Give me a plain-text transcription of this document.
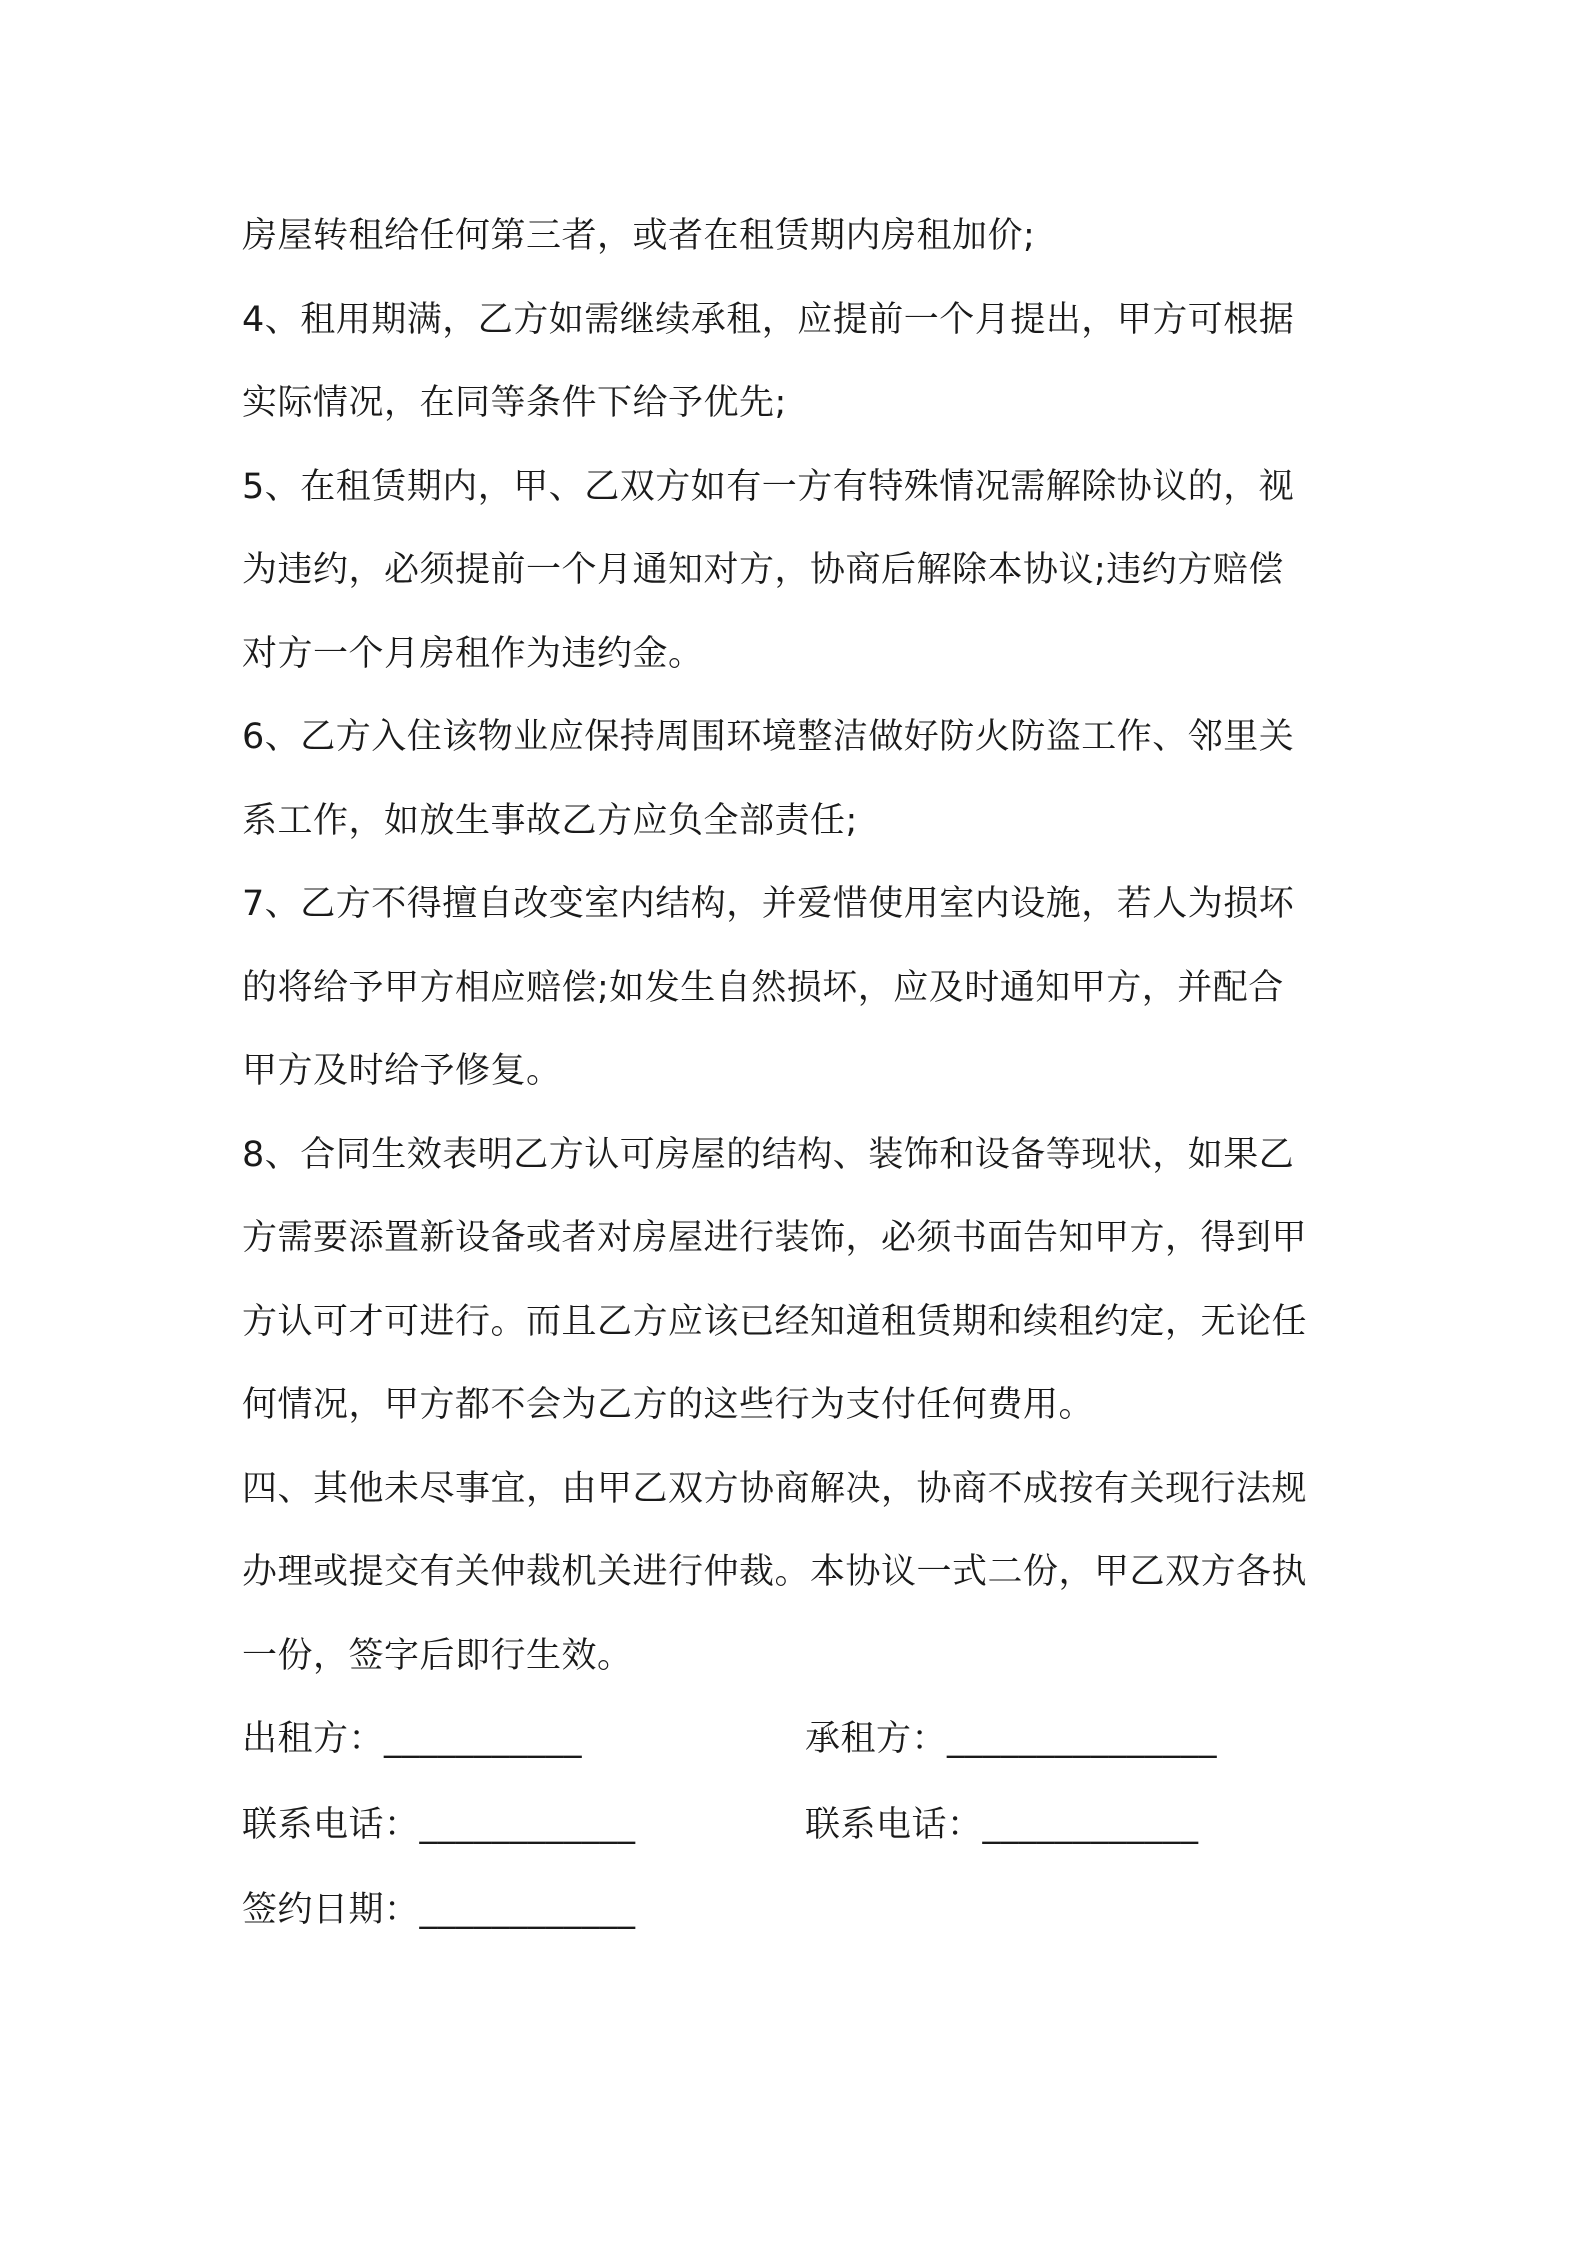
房屋转租给任何第三者，或者在租赁期内房租加价;

4、租用期满，乙方如需继续承租，应提前一个月提出，甲方可根据
实际情况，在同等条件下给予优先;

5、在租赁期内，甲、乙双方如有一方有特殊情况需解除协议的，视
为违约，必须提前一个月通知对方，协商后解除本协议;违约方赔偿
对方一个月房租作为违约金。

6、乙方入住该物业应保持周围环境整洁做好防火防盗工作、邻里关
系工作，如放生事故乙方应负全部责任;

7、乙方不得擅自改变室内结构，并爱惜使用室内设施，若人为损坏
的将给予甲方相应赔偿;如发生自然损坏，应及时通知甲方，并配合
甲方及时给予修复。

8、合同生效表明乙方认可房屋的结构、装饰和设备等现状，如果乙
方需要添置新设备或者对房屋进行装饰，必须书面告知甲方，得到甲
方认可才可进行。而且乙方应该已经知道租赁期和续租约定，无论任
何情况，甲方都不会为乙方的这些行为支付任何费用。

四、其他未尽事宜，由甲乙双方协商解决，协商不成按有关现行法规
办理或提交有关仲裁机关进行仲裁。本协议一式二份，甲乙双方各执
一份，签字后即行生效。

出租方：___________	承租方：_______________
联系电话：____________	联系电话：____________
签约日期：____________
